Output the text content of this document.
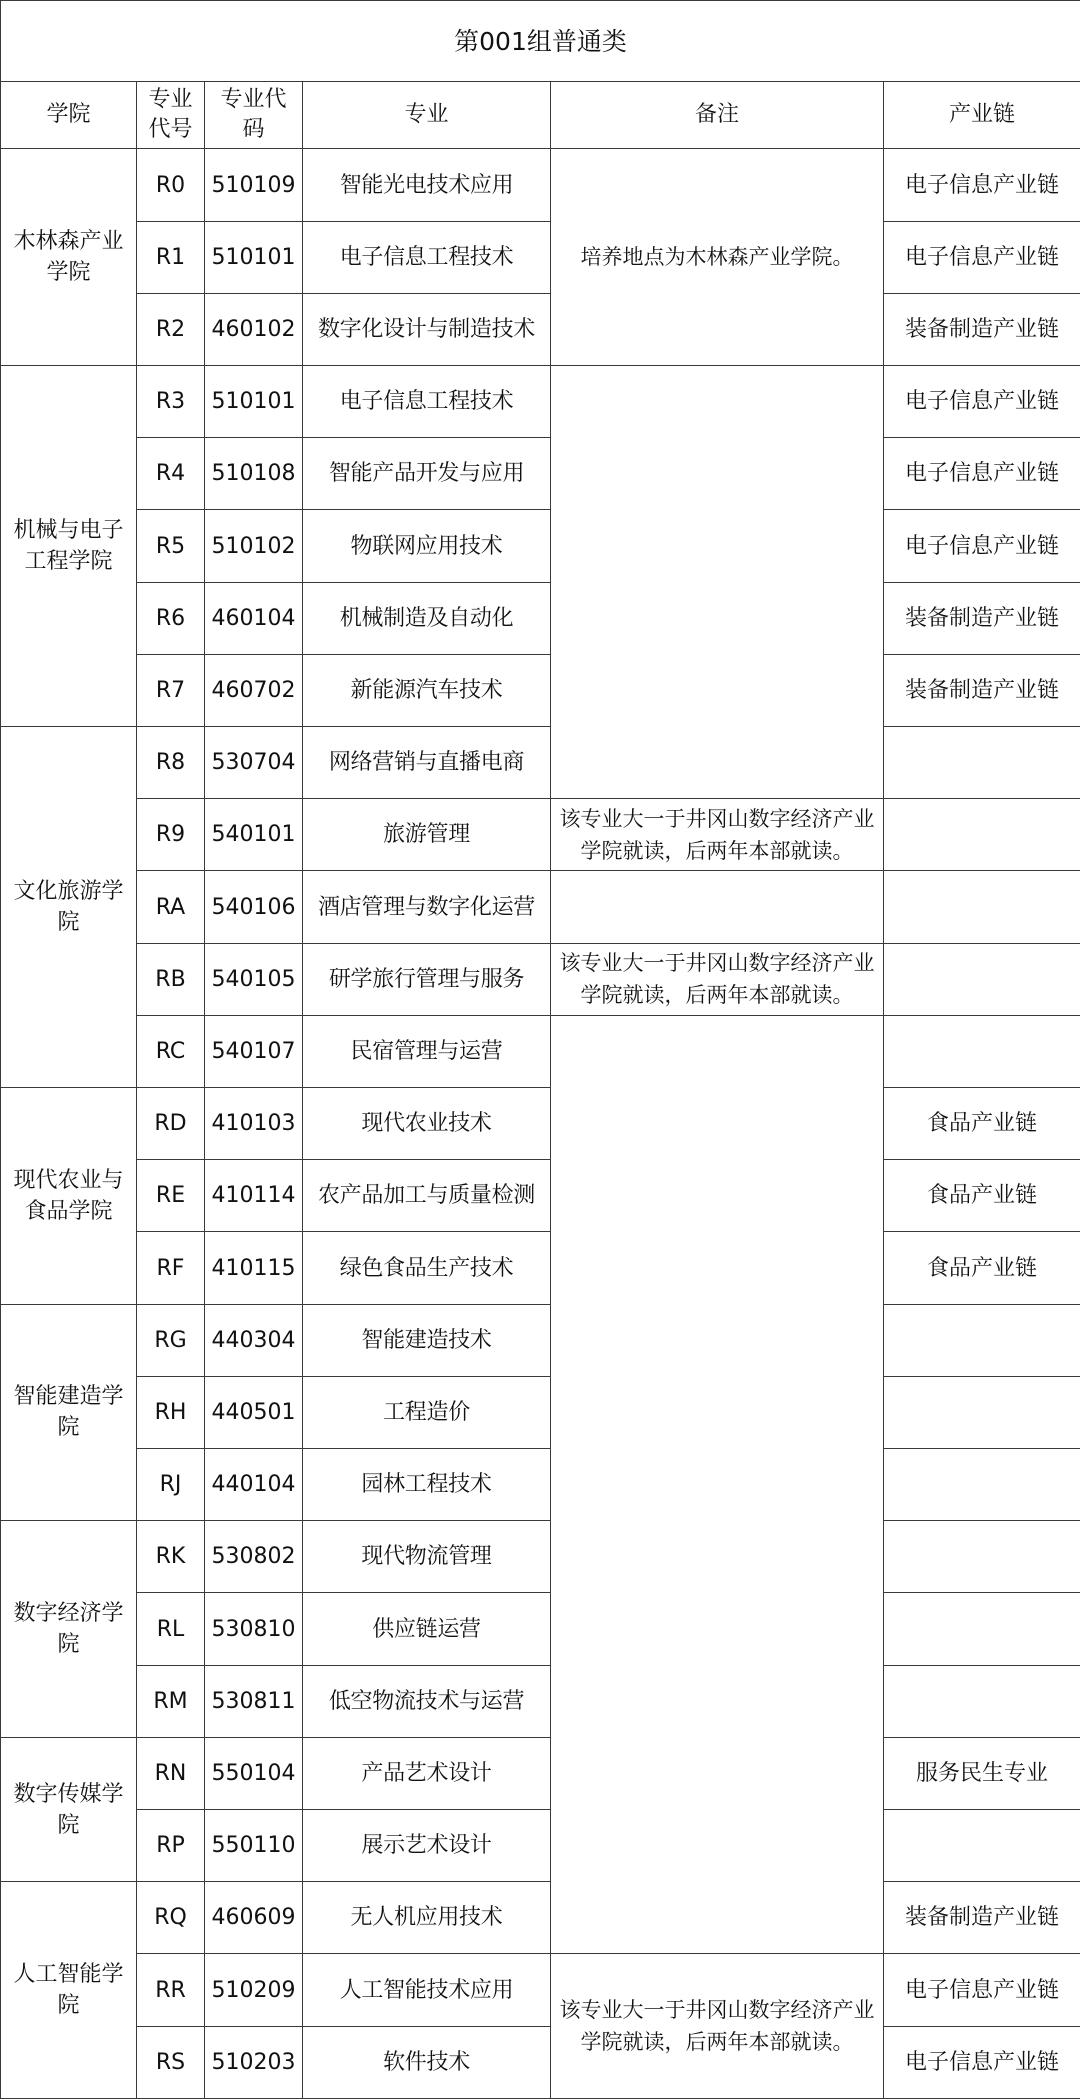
第001组普通类					
学院	专业代号	专业代码	专业	备注	产业链
木林森产业学院	R0	510109	智能光电技术应用	培养地点为木林森产业学院。	电子信息产业链
	R1	510101	电子信息工程技术		电子信息产业链
	R2	460102	数字化设计与制造技术		装备制造产业链
机械与电子工程学院	R3	510101	电子信息工程技术		电子信息产业链
	R4	510108	智能产品开发与应用		电子信息产业链
	R5	510102	物联网应用技术		电子信息产业链
	R6	460104	机械制造及自动化		装备制造产业链
	R7	460702	新能源汽车技术		装备制造产业链
文化旅游学院	R8	530704	网络营销与直播电商		
	R9	540101	旅游管理	该专业大一于井冈山数字经济产业学院就读，后两年本部就读。	
	RA	540106	酒店管理与数字化运营		
	RB	540105	研学旅行管理与服务	该专业大一于井冈山数字经济产业学院就读，后两年本部就读。	
	RC	540107	民宿管理与运营		
现代农业与食品学院	RD	410103	现代农业技术		食品产业链
	RE	410114	农产品加工与质量检测		食品产业链
	RF	410115	绿色食品生产技术		食品产业链
智能建造学院	RG	440304	智能建造技术		
	RH	440501	工程造价		
	RJ	440104	园林工程技术		
数字经济学院	RK	530802	现代物流管理		
	RL	530810	供应链运营		
	RM	530811	低空物流技术与运营		
数字传媒学院	RN	550104	产品艺术设计		服务民生专业
	RP	550110	展示艺术设计		
人工智能学院	RQ	460609	无人机应用技术		装备制造产业链
	RR	510209	人工智能技术应用	该专业大一于井冈山数字经济产业学院就读，后两年本部就读。	电子信息产业链
	RS	510203	软件技术		电子信息产业链
